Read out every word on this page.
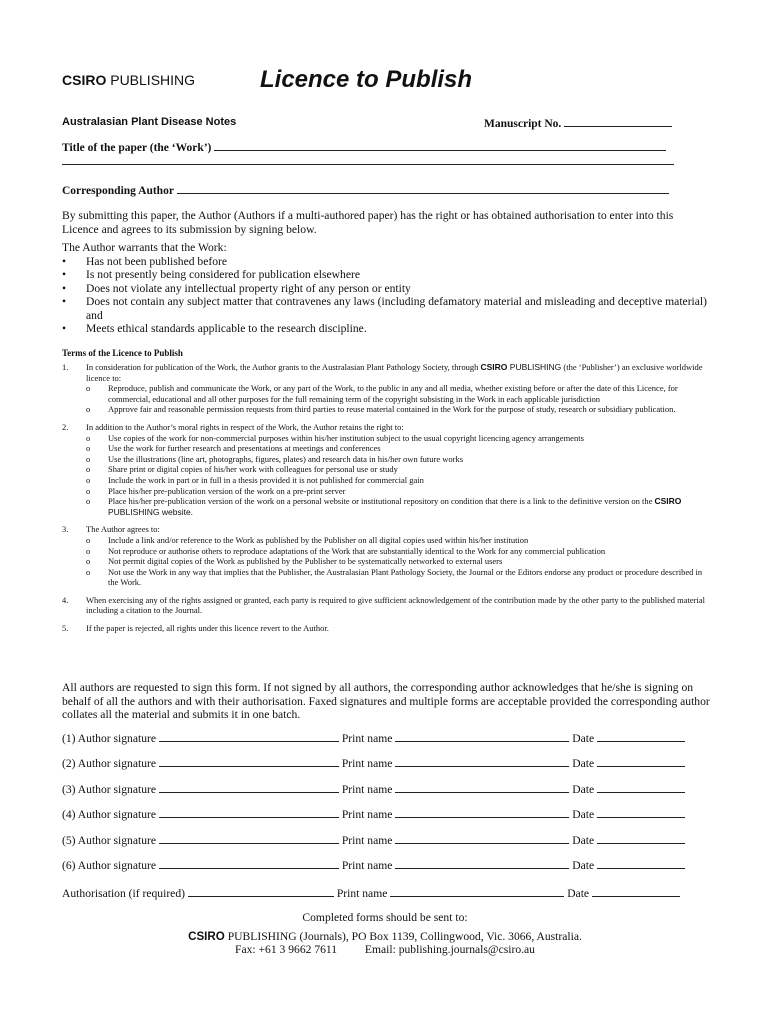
CSIRO PUBLISHING	Licence to Publish
Australasian Plant Disease Notes	Manuscript No.
Title of the paper (the ‘Work’)
Corresponding Author
By submitting this paper, the Author (Authors if a multi-authored paper) has the right or has obtained authorisation to enter into this Licence and agrees to its submission by signing below.
The Author warrants that the Work:
• Has not been published before
• Is not presently being considered for publication elsewhere
• Does not violate any intellectual property right of any person or entity
• Does not contain any subject matter that contravenes any laws (including defamatory material and misleading and deceptive material) and
• Meets ethical standards applicable to the research discipline.
Terms of the Licence to Publish
1. In consideration for publication of the Work, the Author grants to the Australasian Plant Pathology Society, through CSIRO PUBLISHING (the ‘Publisher’) an exclusive worldwide licence to:
o Reproduce, publish and communicate the Work, or any part of the Work, to the public in any and all media, whether existing before or after the date of this Licence, for commercial, educational and all other purposes for the full remaining term of the copyright subsisting in the Work in each applicable jurisdiction
o Approve fair and reasonable permission requests from third parties to reuse material contained in the Work for the purpose of study, research or subsidiary publication.
2. In addition to the Author’s moral rights in respect of the Work, the Author retains the right to:
o Use copies of the work for non-commercial purposes within his/her institution subject to the usual copyright licencing agency arrangements
o Use the work for further research and presentations at meetings and conferences
o Use the illustrations (line art, photographs, figures, plates) and research data in his/her own future works
o Share print or digital copies of his/her work with colleagues for personal use or study
o Include the work in part or in full in a thesis provided it is not published for commercial gain
o Place his/her pre-publication version of the work on a pre-print server
o Place his/her pre-publication version of the work on a personal website or institutional repository on condition that there is a link to the definitive version on the CSIRO PUBLISHING website.
3. The Author agrees to:
o Include a link and/or reference to the Work as published by the Publisher on all digital copies used within his/her institution
o Not reproduce or authorise others to reproduce adaptations of the Work that are substantially identical to the Work for any commercial publication
o Not permit digital copies of the Work as published by the Publisher to be systematically networked to external users
o Not use the Work in any way that implies that the Publisher, the Australasian Plant Pathology Society, the Journal or the Editors endorse any product or procedure described in the Work.
4. When exercising any of the rights assigned or granted, each party is required to give sufficient acknowledgement of the contribution made by the other party to the published material including a citation to the Journal.
5. If the paper is rejected, all rights under this licence revert to the Author.
All authors are requested to sign this form. If not signed by all authors, the corresponding author acknowledges that he/she is signing on behalf of all the authors and with their authorisation. Faxed signatures and multiple forms are acceptable provided the corresponding author collates all the material and submits it in one batch.
(1) Author signature	Print name	Date
(2) Author signature	Print name	Date
(3) Author signature	Print name	Date
(4) Author signature	Print name	Date
(5) Author signature	Print name	Date
(6) Author signature	Print name	Date
Authorisation (if required)	Print name	Date
Completed forms should be sent to:
CSIRO PUBLISHING (Journals), PO Box 1139, Collingwood, Vic. 3066, Australia.
Fax: +61 3 9662 7611 Email: publishing.journals@csiro.au
